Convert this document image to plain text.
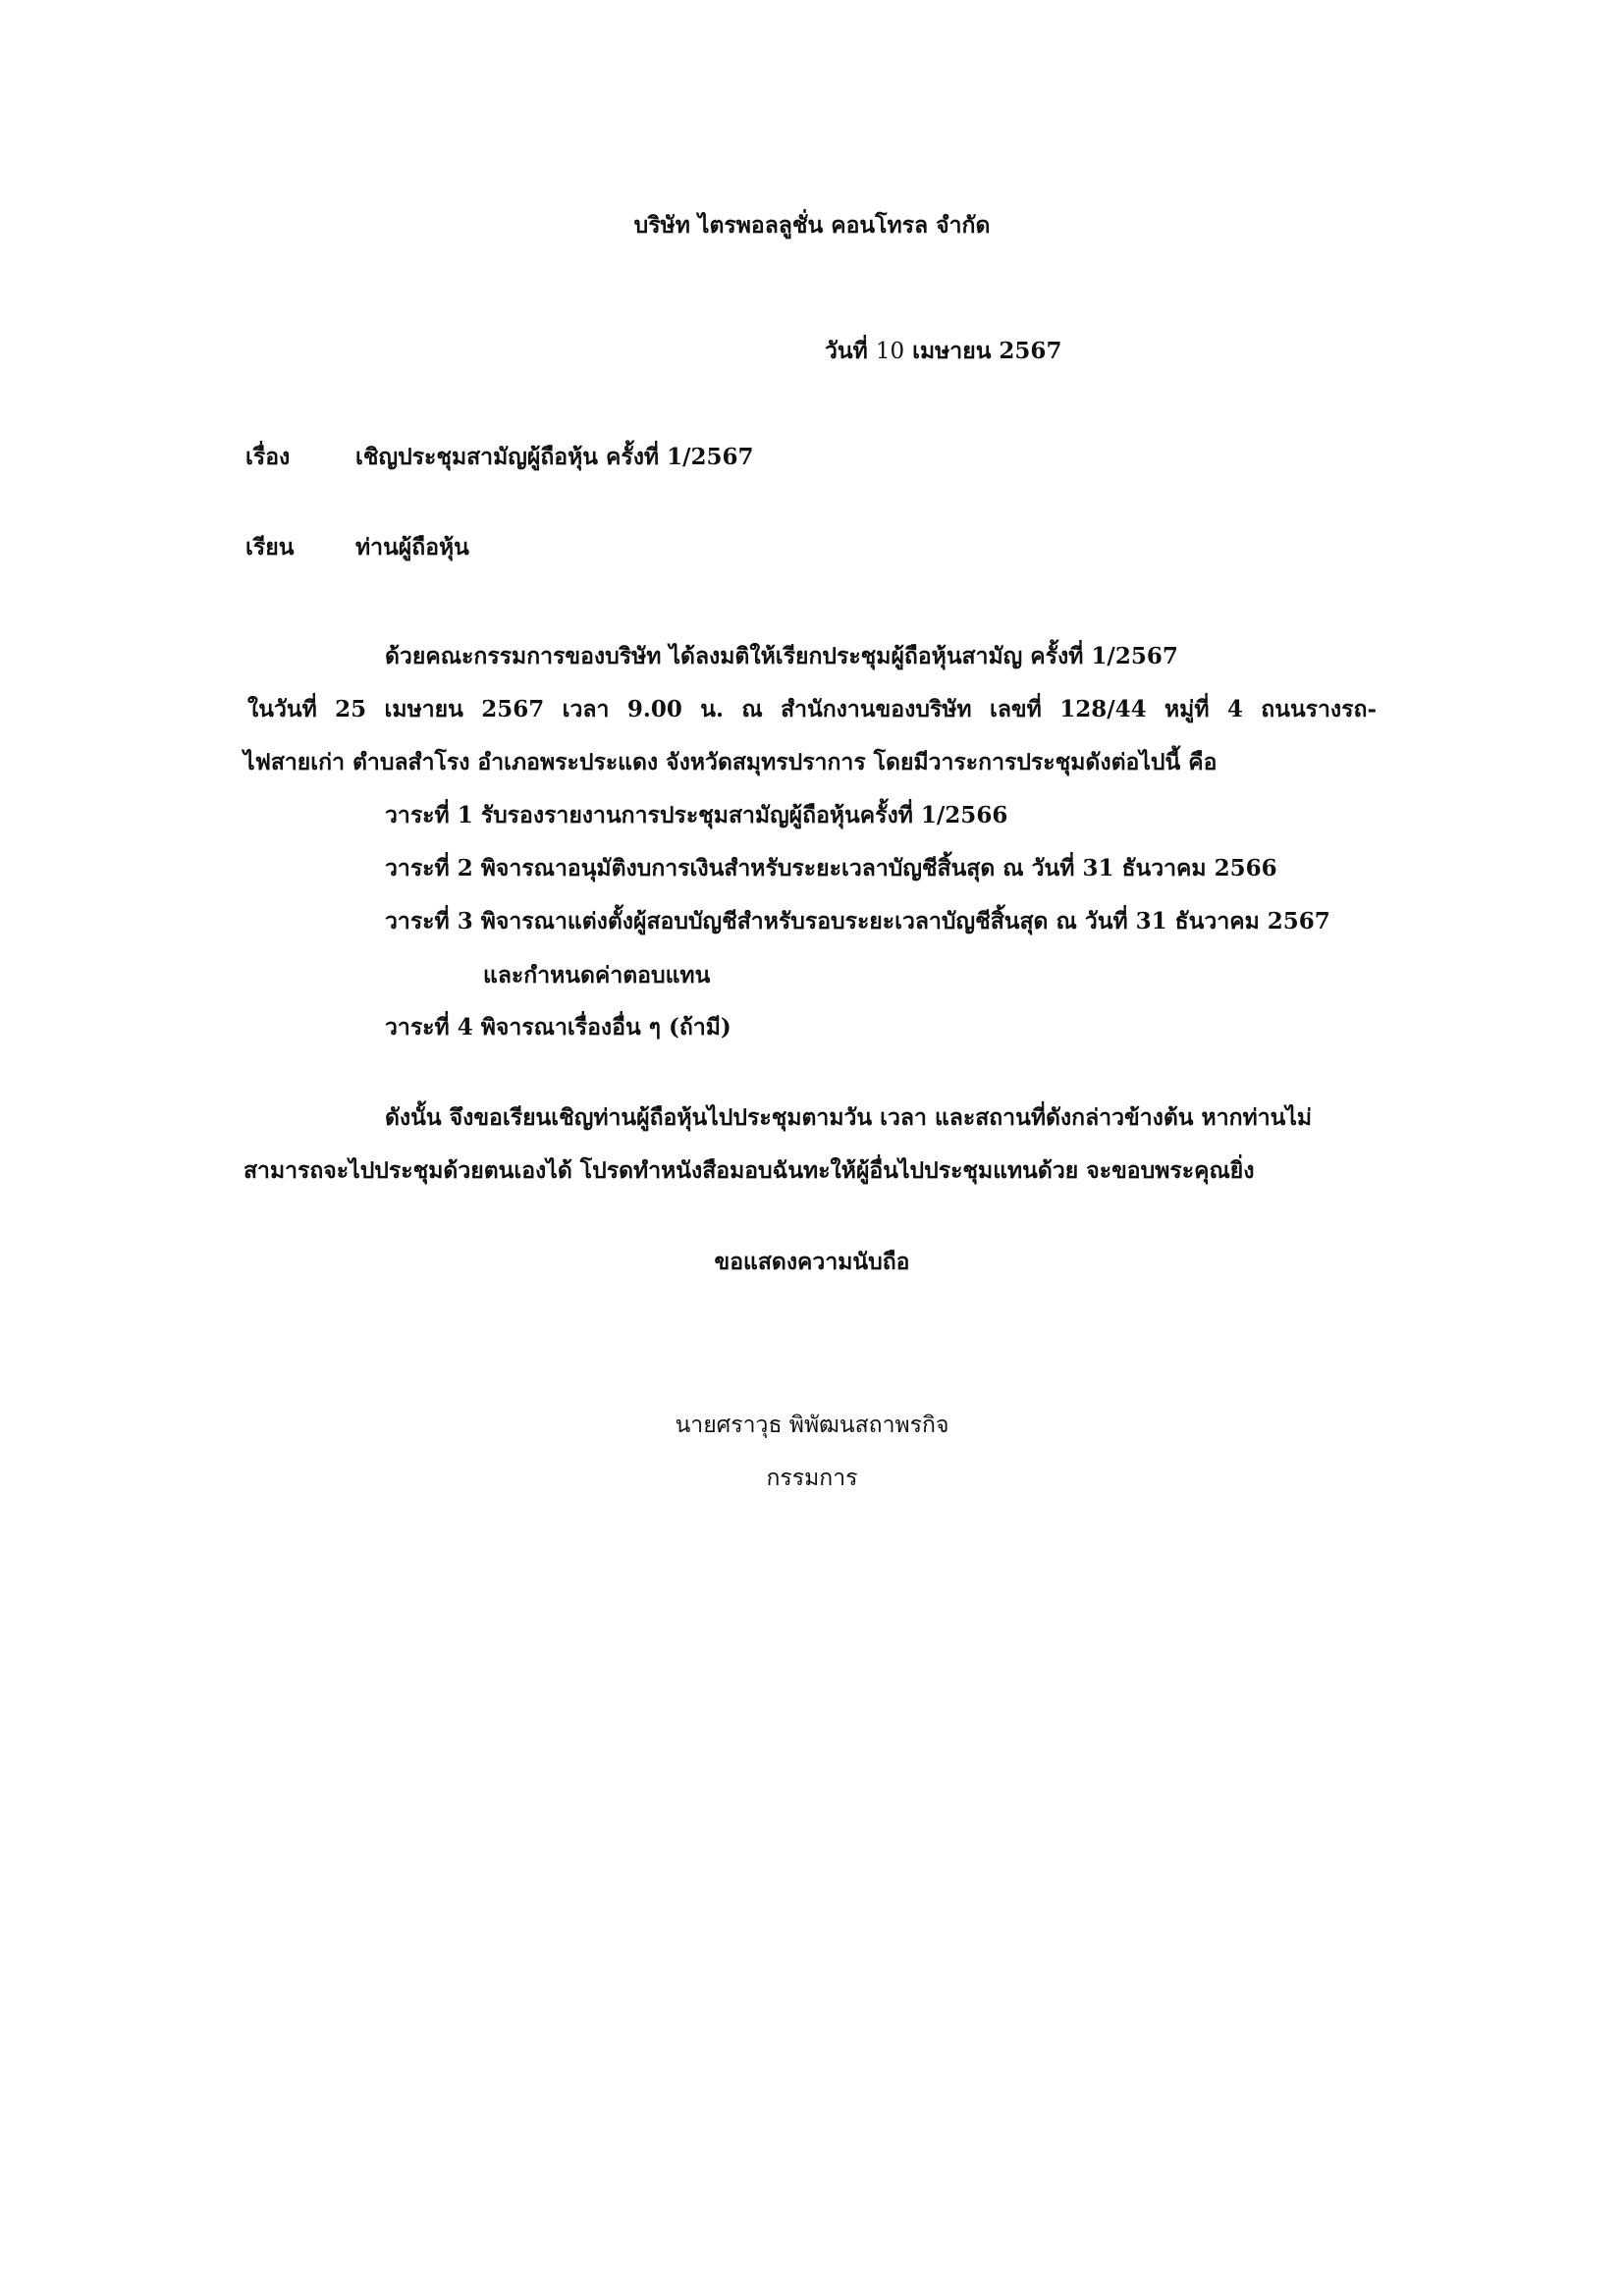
บริษัท ไตรพอลลูชั่น คอนโทรล จำกัด
วันที่ 10 เมษายน 2567
เรื่อง	เชิญประชุมสามัญผู้ถือหุ้น ครั้งที่ 1/2567
เรียน	ท่านผู้ถือหุ้น
ด้วยคณะกรรมการของบริษัท ได้ลงมติให้เรียกประชุมผู้ถือหุ้นสามัญ ครั้งที่ 1/2567
ในวันที่ 25 เมษายน 2567 เวลา 9.00 น. ณ สำนักงานของบริษัท เลขที่ 128/44 หมู่ที่ 4 ถนนรางรถ-
ไฟสายเก่า ตำบลสำโรง อำเภอพระประแดง จังหวัดสมุทรปราการ โดยมีวาระการประชุมดังต่อไปนี้ คือ
วาระที่ 1 รับรองรายงานการประชุมสามัญผู้ถือหุ้นครั้งที่ 1/2566
วาระที่ 2 พิจารณาอนุมัติงบการเงินสำหรับระยะเวลาบัญชีสิ้นสุด ณ วันที่ 31 ธันวาคม 2566
วาระที่ 3 พิจารณาแต่งตั้งผู้สอบบัญชีสำหรับรอบระยะเวลาบัญชีสิ้นสุด ณ วันที่ 31 ธันวาคม 2567
และกำหนดค่าตอบแทน
วาระที่ 4 พิจารณาเรื่องอื่น ๆ (ถ้ามี)
ดังนั้น จึงขอเรียนเชิญท่านผู้ถือหุ้นไปประชุมตามวัน เวลา และสถานที่ดังกล่าวข้างต้น หากท่านไม่
สามารถจะไปประชุมด้วยตนเองได้ โปรดทำหนังสือมอบฉันทะให้ผู้อื่นไปประชุมแทนด้วย จะขอบพระคุณยิ่ง
ขอแสดงความนับถือ
นายศราวุธ พิพัฒนสถาพรกิจ
กรรมการ
